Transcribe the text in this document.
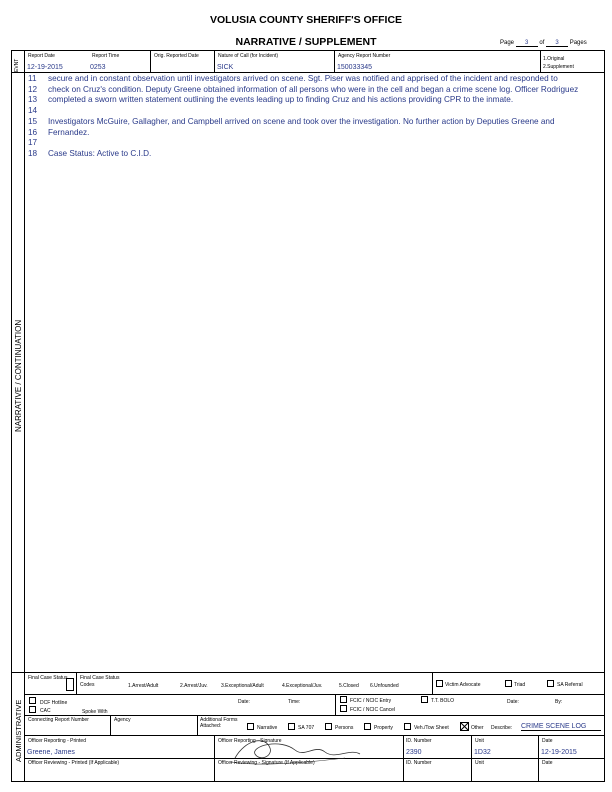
VOLUSIA COUNTY SHERIFF'S OFFICE
NARRATIVE / SUPPLEMENT	Page 3 of 3 Pages
EVNT
Report Date
12-19-2015
Report Time
0253
Orig. Reported Date	Nature of Call (for Incident)
SICK
Agency Report Number
150033345
1.Original
2.Supplement
NARRATIVE / CONTINUATION
11 secure and in constant observation until investigators arrived on scene. Sgt. Piser was notified and apprised of the incident and responded to
12 check on Cruz's condition. Deputy Greene obtained information of all persons who were in the cell and began a crime scene log. Officer Rodriguez
13 completed a sworn written statement outlining the events leading up to finding Cruz and his actions providing CPR to the inmate.
14
15 Investigators McGuire, Gallagher, and Campbell arrived on scene and took over the investigation. No further action by Deputies Greene and
16 Fernandez.
17
18 Case Status: Active to C.I.D.
ADMINISTRATIVE
Final Case Status	Final Case Status Codes	1.Arrest/Adult	2.Arrest/Juv.	3.Exceptional/Adult	4.Exceptional/Juv.	5.Closed 6.Unfounded	Victim Advocate	Triad	SA Referral
DCF Hotline
CAC	Spoke With
Date:	Time:	FCIC / NCIC Entry
FCIC / NCIC Cancel
T.T. BOLO	Date:	By:
Connecting Report Number	Agency	Additional Forms Attached:	Narrative	SA 707	Persons	Property	Veh./Tow Sheet	Other Describe: CRIME SCENE LOG
Officer Reporting - Printed
Greene, James
Officer Reporting - Signature	ID. Number
2390
Unit
1D32
Date
12-19-2015
Officer Reviewing - Printed (If Applicable)	Officer Reviewing - Signature (If Applicable)	ID. Number	Unit	Date
